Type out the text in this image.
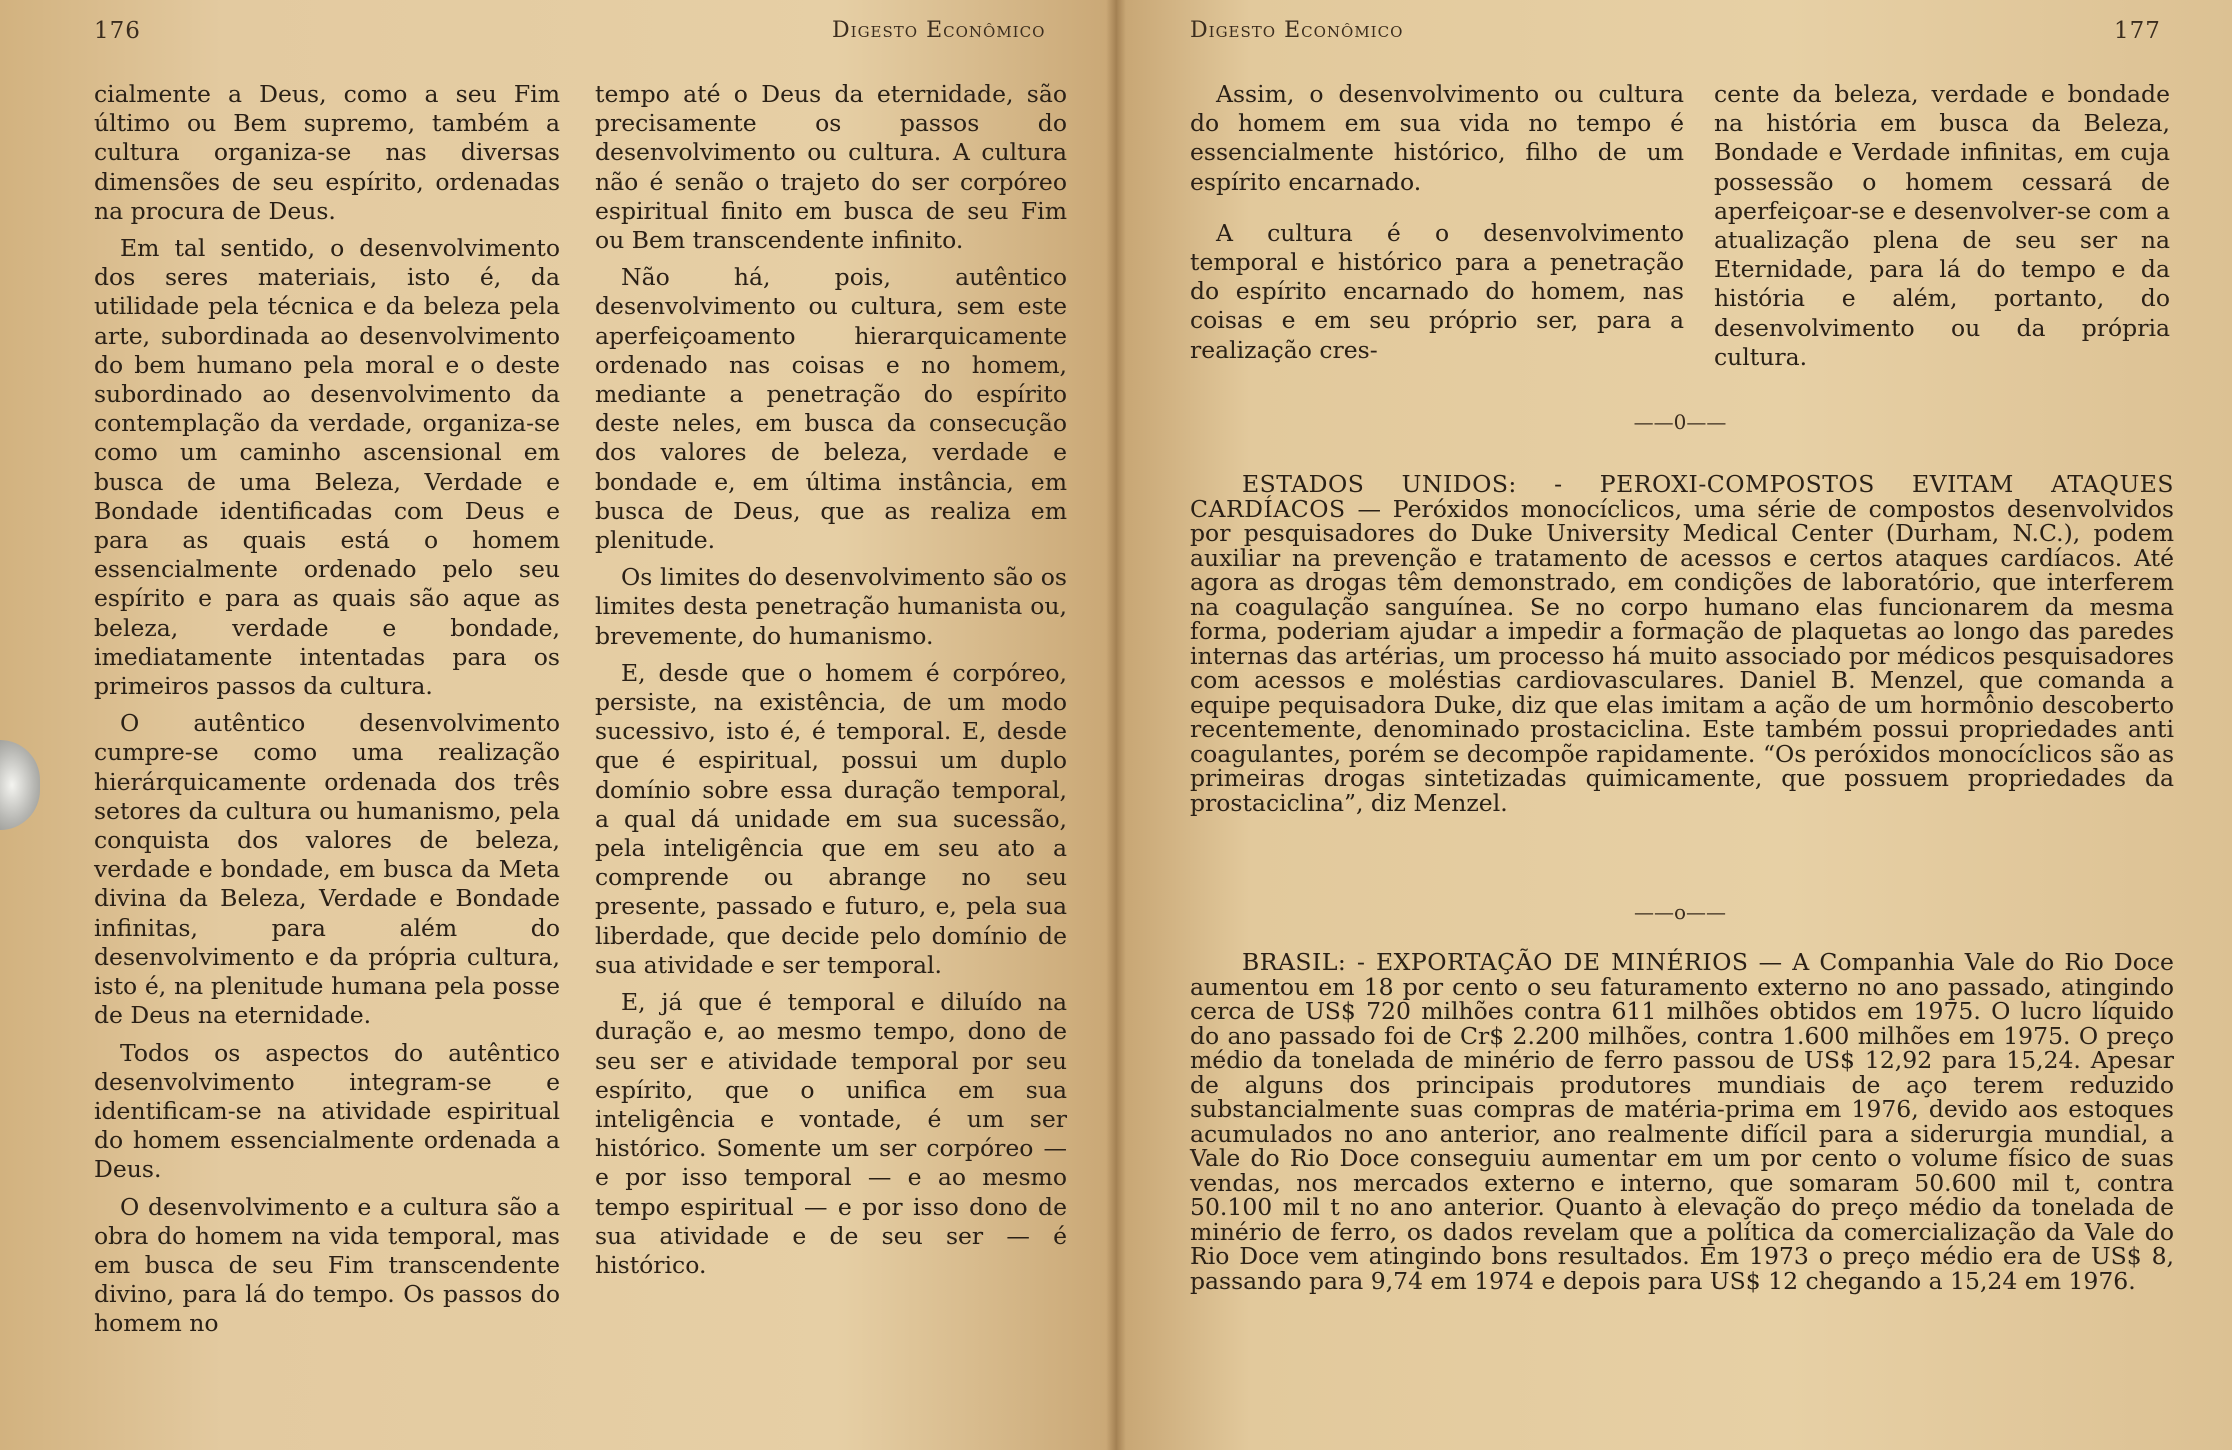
176	Digesto Econômico

cialmente a Deus, como a seu Fim último ou Bem supremo, também a cultura organiza-se nas diversas dimensões de seu espírito, ordenadas na procura de Deus.

Em tal sentido, o desenvolvimento dos seres materiais, isto é, da utilidade pela técnica e da beleza pela arte, subordinada ao desenvolvimento do bem humano pela moral e o deste subordinado ao desenvolvimento da contemplação da verdade, organiza-se como um caminho ascensional em busca de uma Beleza, Verdade e Bondade identificadas com Deus e para as quais está o homem essencialmente ordenado pelo seu espírito e para as quais são aque as beleza, verdade e bondade, imediatamente intentadas para os primeiros passos da cultura.

O autêntico desenvolvimento cumpre-se como uma realização hierárquicamente ordenada dos três setores da cultura ou humanismo, pela conquista dos valores de beleza, verdade e bondade, em busca da Meta divina da Beleza, Verdade e Bondade infinitas, para além do desenvolvimento e da própria cultura, isto é, na plenitude humana pela posse de Deus na eternidade.

Todos os aspectos do autêntico desenvolvimento integram-se e identificam-se na atividade espiritual do homem essencialmente ordenada a Deus.

O desenvolvimento e a cultura são a obra do homem na vida temporal, mas em busca de seu Fim transcendente divino, para lá do tempo. Os passos do homem no

tempo até o Deus da eternidade, são precisamente os passos do desenvolvimento ou cultura. A cultura não é senão o trajeto do ser corpóreo espiritual finito em busca de seu Fim ou Bem transcendente infinito.

Não há, pois, autêntico desenvolvimento ou cultura, sem este aperfeiçoamento hierarquicamente ordenado nas coisas e no homem, mediante a penetração do espírito deste neles, em busca da consecução dos valores de beleza, verdade e bondade e, em última instância, em busca de Deus, que as realiza em plenitude.

Os limites do desenvolvimento são os limites desta penetração humanista ou, brevemente, do humanismo.

E, desde que o homem é corpóreo, persiste, na existência, de um modo sucessivo, isto é, é temporal. E, desde que é espiritual, possui um duplo domínio sobre essa duração temporal, a qual dá unidade em sua sucessão, pela inteligência que em seu ato a comprende ou abrange no seu presente, passado e futuro, e, pela sua liberdade, que decide pelo domínio de sua atividade e ser temporal.

E, já que é temporal e diluído na duração e, ao mesmo tempo, dono de seu ser e atividade temporal por seu espírito, que o unifica em sua inteligência e vontade, é um ser histórico. Somente um ser corpóreo — e por isso temporal — e ao mesmo tempo espiritual — e por isso dono de sua atividade e de seu ser — é histórico.

Digesto Econômico	177

Assim, o desenvolvimento ou cultura do homem em sua vida no tempo é essencialmente histórico, filho de um espírito encarnado.

A cultura é o desenvolvimento temporal e histórico para a penetração do espírito encarnado do homem, nas coisas e em seu próprio ser, para a realização cres-

cente da beleza, verdade e bondade na história em busca da Beleza, Bondade e Verdade infinitas, em cuja possessão o homem cessará de aperfeiçoar-se e desenvolver-se com a atualização plena de seu ser na Eternidade, para lá do tempo e da história e além, portanto, do desenvolvimento ou da própria cultura.

——0——

ESTADOS UNIDOS: - PEROXI-COMPOSTOS EVITAM ATAQUES CARDÍACOS — Peróxidos monocíclicos, uma série de compostos desenvolvidos por pesquisadores do Duke University Medical Center (Durham, N.C.), podem auxiliar na prevenção e tratamento de acessos e certos ataques cardíacos. Até agora as drogas têm demonstrado, em condições de laboratório, que interferem na coagulação sanguínea. Se no corpo humano elas funcionarem da mesma forma, poderiam ajudar a impedir a formação de plaquetas ao longo das paredes internas das artérias, um processo há muito associado por médicos pesquisadores com acessos e moléstias cardiovasculares. Daniel B. Menzel, que comanda a equipe pequisadora Duke, diz que elas imitam a ação de um hormônio descoberto recentemente, denominado prostaciclina. Este também possui propriedades anti coagulantes, porém se decompõe rapidamente. “Os peróxidos monocíclicos são as primeiras drogas sintetizadas quimicamente, que possuem propriedades da prostaciclina”, diz Menzel.

——o——

BRASIL: - EXPORTAÇÃO DE MINÉRIOS — A Companhia Vale do Rio Doce aumentou em 18 por cento o seu faturamento externo no ano passado, atingindo cerca de US$ 720 milhões contra 611 milhões obtidos em 1975. O lucro líquido do ano passado foi de Cr$ 2.200 milhões, contra 1.600 milhões em 1975. O preço médio da tonelada de minério de ferro passou de US$ 12,92 para 15,24. Apesar de alguns dos principais produtores mundiais de aço terem reduzido substancialmente suas compras de matéria-prima em 1976, devido aos estoques acumulados no ano anterior, ano realmente difícil para a siderurgia mundial, a Vale do Rio Doce conseguiu aumentar em um por cento o volume físico de suas vendas, nos mercados externo e interno, que somaram 50.600 mil t, contra 50.100 mil t no ano anterior. Quanto à elevação do preço médio da tonelada de minério de ferro, os dados revelam que a política da comercialização da Vale do Rio Doce vem atingindo bons resultados. Em 1973 o preço médio era de US$ 8, passando para 9,74 em 1974 e depois para US$ 12 chegando a 15,24 em 1976.
